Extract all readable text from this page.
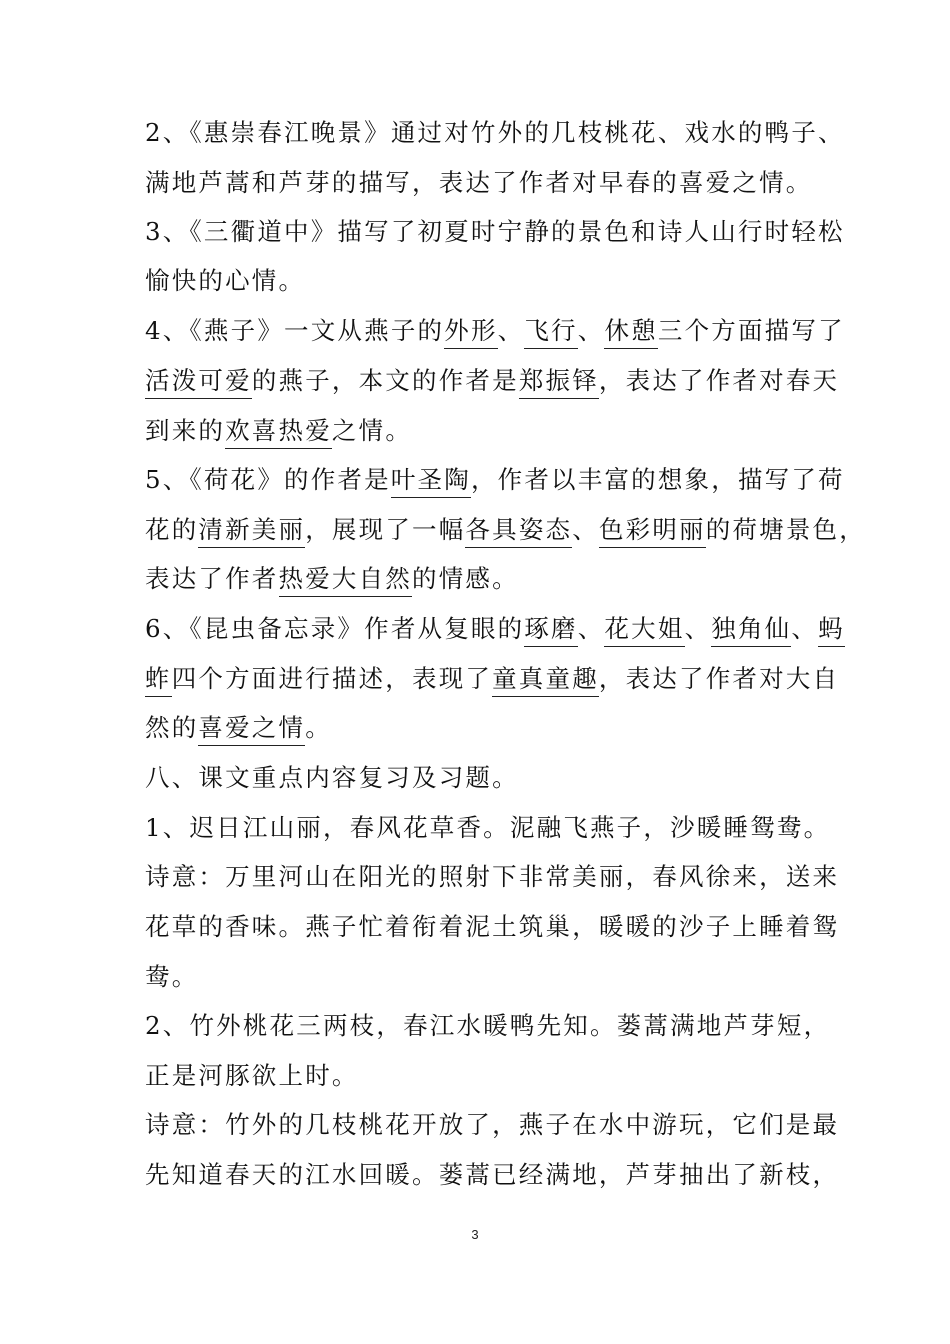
2、《惠崇春江晚景》通过对竹外的几枝桃花、戏水的鸭子、
满地芦蒿和芦芽的描写，表达了作者对早春的喜爱之情。
3、《三衢道中》描写了初夏时宁静的景色和诗人山行时轻松
愉快的心情。
4、《燕子》一文从燕子的外形、飞行、休憩三个方面描写了
活泼可爱的燕子，本文的作者是郑振铎，表达了作者对春天
到来的欢喜热爱之情。
5、《荷花》的作者是叶圣陶，作者以丰富的想象，描写了荷
花的清新美丽，展现了一幅各具姿态、色彩明丽的荷塘景色，
表达了作者热爱大自然的情感。
6、《昆虫备忘录》作者从复眼的琢磨、花大姐、独角仙、蚂
蚱四个方面进行描述，表现了童真童趣，表达了作者对大自
然的喜爱之情。
八、课文重点内容复习及习题。
1、迟日江山丽，春风花草香。泥融飞燕子，沙暖睡鸳鸯。
诗意：万里河山在阳光的照射下非常美丽，春风徐来，送来
花草的香味。燕子忙着衔着泥土筑巢，暖暖的沙子上睡着鸳
鸯。
2、竹外桃花三两枝，春江水暖鸭先知。蒌蒿满地芦芽短，
正是河豚欲上时。
诗意：竹外的几枝桃花开放了，燕子在水中游玩，它们是最
先知道春天的江水回暖。蒌蒿已经满地，芦芽抽出了新枝，
3
